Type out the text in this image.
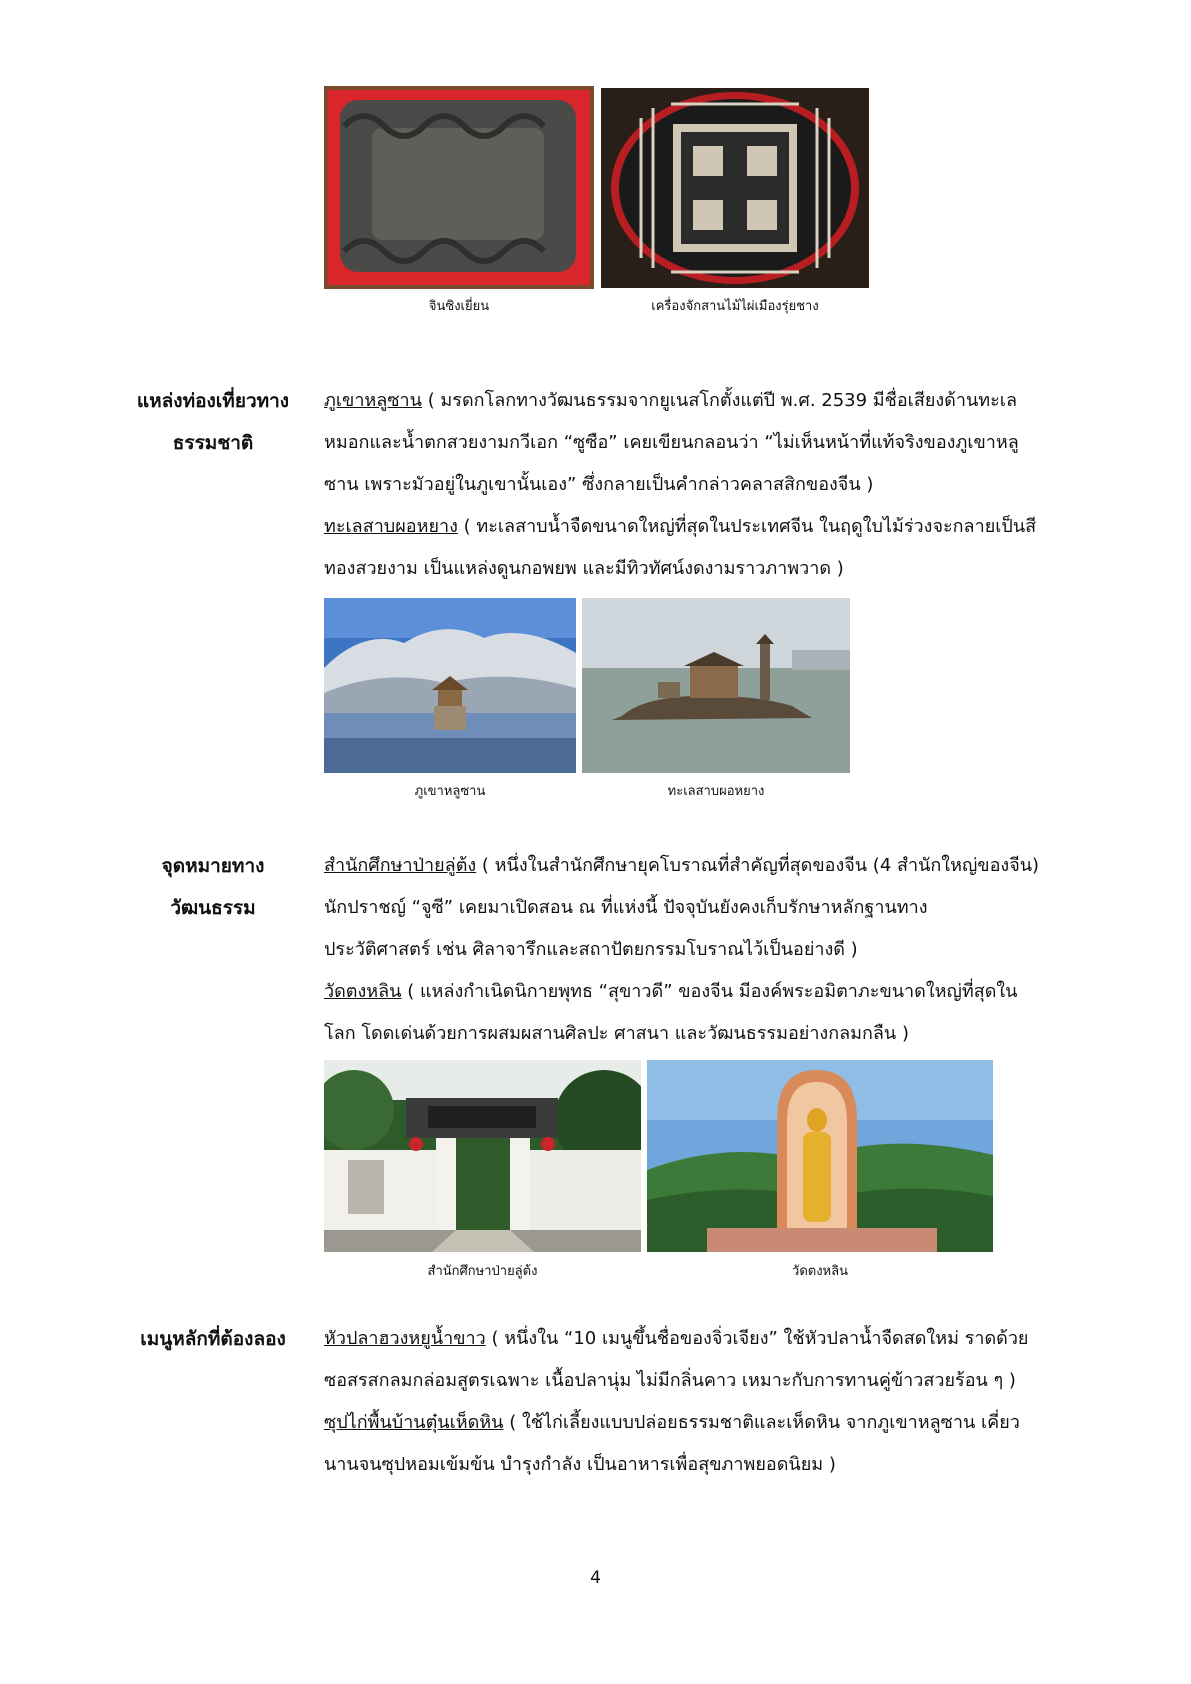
จินซิงเยี่ยน	เครื่องจักสานไม้ไผ่เมืองรุ่ยชาง
แหล่งท่องเที่ยวทาง
ธรรมชาติ
ภูเขาหลูซาน ( มรดกโลกทางวัฒนธรรมจากยูเนสโกตั้งแต่ปี พ.ศ. 2539 มีชื่อเสียงด้านทะเล
หมอกและน้ำตกสวยงามกวีเอก “ซูซือ” เคยเขียนกลอนว่า “ไม่เห็นหน้าที่แท้จริงของภูเขาหลู
ซาน เพราะมัวอยู่ในภูเขานั้นเอง” ซึ่งกลายเป็นคำกล่าวคลาสสิกของจีน )
ทะเลสาบผอหยาง ( ทะเลสาบน้ำจืดขนาดใหญ่ที่สุดในประเทศจีน ในฤดูใบไม้ร่วงจะกลายเป็นสี
ทองสวยงาม เป็นแหล่งดูนกอพยพ และมีทิวทัศน์งดงามราวภาพวาด )
ภูเขาหลูซาน	ทะเลสาบผอหยาง
จุดหมายทาง
วัฒนธรรม
สำนักศึกษาป่ายลู่ต้ง ( หนึ่งในสำนักศึกษายุคโบราณที่สำคัญที่สุดของจีน (4 สำนักใหญ่ของจีน)
นักปราชญ์ “จูซี” เคยมาเปิดสอน ณ ที่แห่งนี้ ปัจจุบันยังคงเก็บรักษาหลักฐานทาง
ประวัติศาสตร์ เช่น ศิลาจารึกและสถาปัตยกรรมโบราณไว้เป็นอย่างดี )
วัดตงหลิน ( แหล่งกำเนิดนิกายพุทธ “สุขาวดี” ของจีน มีองค์พระอมิตาภะขนาดใหญ่ที่สุดใน
โลก โดดเด่นด้วยการผสมผสานศิลปะ ศาสนา และวัฒนธรรมอย่างกลมกลืน )
สำนักศึกษาป่ายลู่ต้ง	วัดตงหลิน
เมนูหลักที่ต้องลอง	หัวปลาฮวงหยูน้ำขาว ( หนึ่งใน “10 เมนูขึ้นชื่อของจิ่วเจียง” ใช้หัวปลาน้ำจืดสดใหม่ ราดด้วย
ซอสรสกลมกล่อมสูตรเฉพาะ เนื้อปลานุ่ม ไม่มีกลิ่นคาว เหมาะกับการทานคู่ข้าวสวยร้อน ๆ )
ซุปไก่พื้นบ้านตุ๋นเห็ดหิน ( ใช้ไก่เลี้ยงแบบปล่อยธรรมชาติและเห็ดหิน จากภูเขาหลูซาน เคี่ยว
นานจนซุปหอมเข้มข้น บำรุงกำลัง เป็นอาหารเพื่อสุขภาพยอดนิยม )
4
